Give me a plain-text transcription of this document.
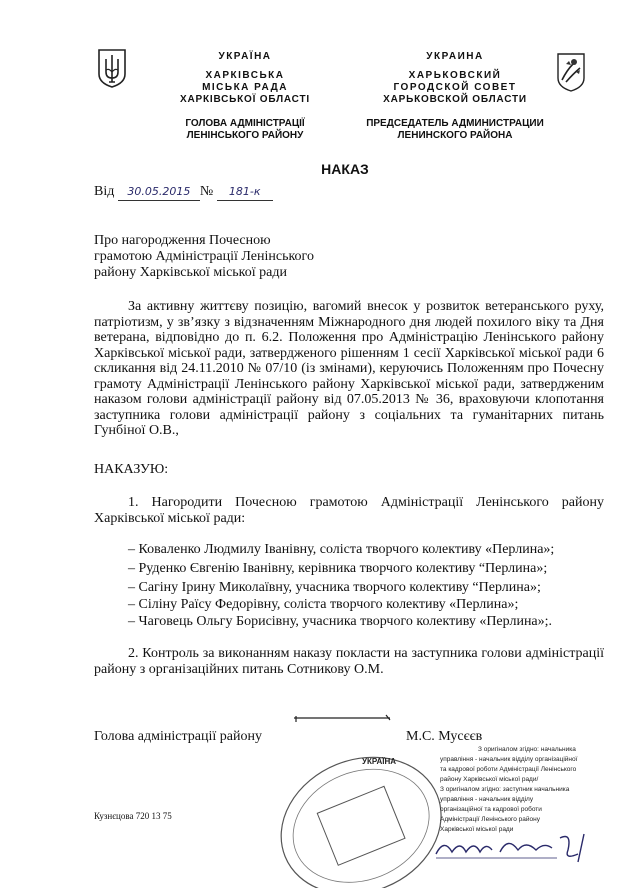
УКРАЇНА
ХАРКІВСЬКА
МІСЬКА РАДА
ХАРКІВСЬКОЇ ОБЛАСТІ
ГОЛОВА АДМІНІСТРАЦІЇ
ЛЕНІНСЬКОГО РАЙОНУ
УКРАИНА
ХАРЬКОВСКИЙ
ГОРОДСКОЙ СОВЕТ
ХАРЬКОВСКОЙ ОБЛАСТИ
ПРЕДСЕДАТЕЛЬ АДМИНИСТРАЦИИ
ЛЕНИНСКОГО РАЙОНА
НАКАЗ
Від 30.05.2015 № 181-к
Про нагородження Почесною
грамотою Адміністрації Ленінського
району Харківської міської ради
За активну життєву позицію, вагомий внесок у розвиток ветеранського руху, патріотизм, у зв’язку з відзначенням Міжнародного дня людей похилого віку та Дня ветерана, відповідно до п. 6.2. Положення про Адміністрацію Ленінського району Харківської міської ради, затвердженого рішенням 1 сесії Харківської міської ради 6 скликання від 24.11.2010 № 07/10 (із змінами), керуючись Положенням про Почесну грамоту Адміністрації Ленінського району Харківської міської ради, затвердженим наказом голови адміністрації району від 07.05.2013 № 36, враховуючи клопотання заступника голови адміністрації району з соціальних та гуманітарних питань Гунбіної О.В.,
НАКАЗУЮ:
1. Нагородити Почесною грамотою Адміністрації Ленінського району Харківської міської ради:
– Коваленко Людмилу Іванівну, соліста творчого колективу «Перлина»;
– Руденко Євгенію Іванівну, керівника творчого колективу “Перлина»;
– Сагіну Ірину Миколаївну, учасника творчого колективу “Перлина»;
– Сіліну Раїсу Федорівну, соліста творчого колективу «Перлина»;
– Чаговець Ольгу Борисівну, учасника творчого колективу «Перлина»;.
2. Контроль за виконанням наказу покласти на заступника голови адміністрації району з організаційних питань Сотникову О.М.
Голова адміністрації району	М.С. Мусєєв
УКРАЇНА
З оригіналом згідно: начальника
управління - начальник відділу організаційної
та кадрової роботи Адміністрації Ленінського
району Харківської міської ради/
З оригіналом згідно: заступник начальника
управління - начальник відділу
організаційної та кадрової роботи
Адміністрації Ленінського району
Харківської міської ради
Кузнєцова 720 13 75
